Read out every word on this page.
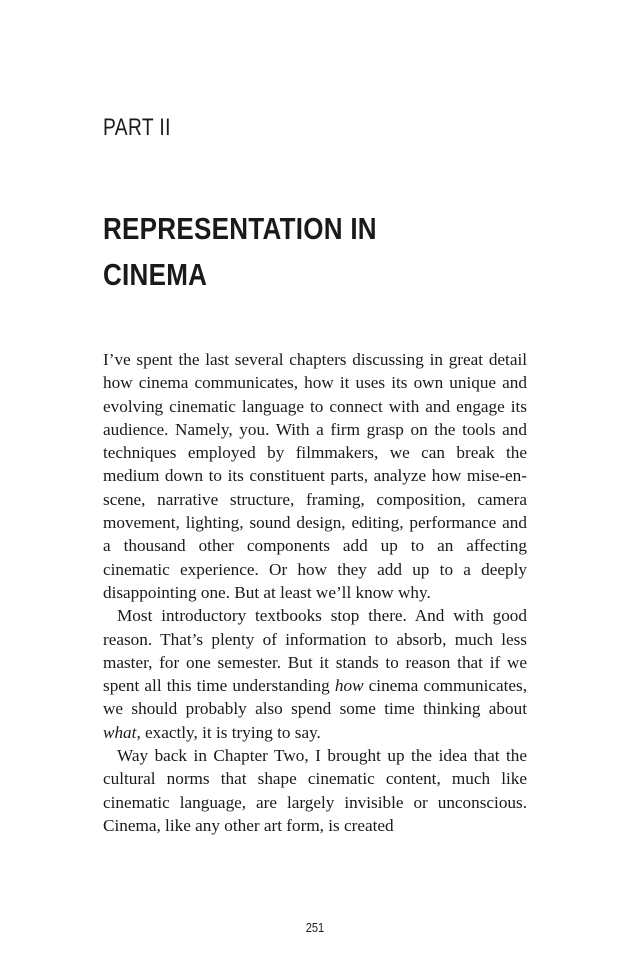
PART II
REPRESENTATION IN
CINEMA

I’ve spent the last several chapters discussing in great detail how cinema communicates, how it uses its own unique and evolving cinematic language to connect with and engage its audience. Namely, you. With a firm grasp on the tools and techniques employed by filmmakers, we can break the medium down to its constituent parts, analyze how mise-en-scene, narrative structure, framing, composition, camera movement, lighting, sound design, editing, performance and a thousand other components add up to an affecting cinematic experience. Or how they add up to a deeply disappointing one. But at least we’ll know why.

Most introductory textbooks stop there. And with good reason. That’s plenty of information to absorb, much less master, for one semester. But it stands to reason that if we spent all this time understanding how cinema communicates, we should probably also spend some time thinking about what, exactly, it is trying to say.

Way back in Chapter Two, I brought up the idea that the cultural norms that shape cinematic content, much like cinematic language, are largely invisible or unconscious. Cinema, like any other art form, is created

251
